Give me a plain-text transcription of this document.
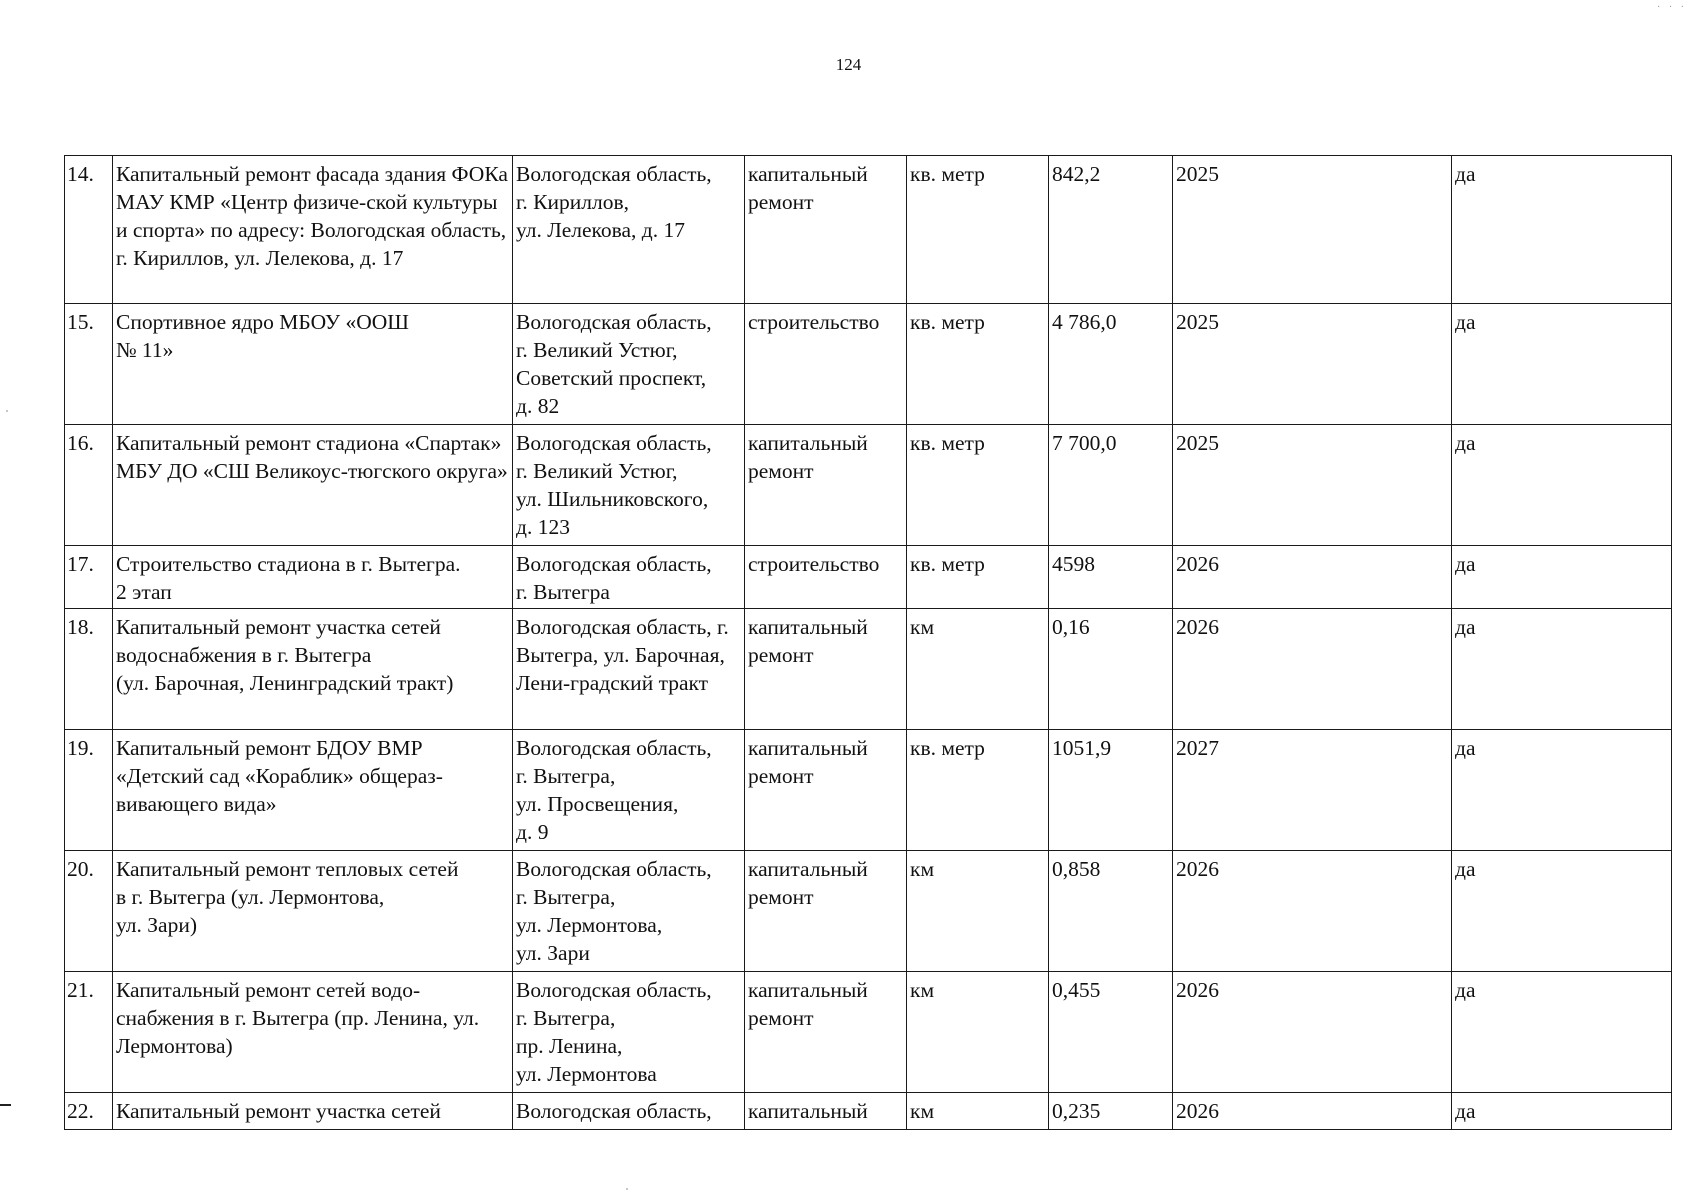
124
· · ·
14.	Капитальный ремонт фасада здания ФОКа МАУ КМР «Центр физиче-ской культуры и спорта» по адресу: Вологодская область, г. Кириллов, ул. Лелекова, д. 17	Вологодская область,
г. Кириллов,
ул. Лелекова, д. 17	капитальный ремонт	кв. метр	842,2	2025	да
15.	Спортивное ядро МБОУ «ООШ
№ 11»	Вологодская область,
г. Великий Устюг,
Советский проспект,
д. 82	строительство	кв. метр	4 786,0	2025	да
16.	Капитальный ремонт стадиона «Спартак» МБУ ДО «СШ Великоус-тюгского округа»	Вологодская область,
г. Великий Устюг,
ул. Шильниковского,
д. 123	капитальный ремонт	кв. метр	7 700,0	2025	да
17.	Строительство стадиона в г. Вытегра.
2 этап	Вологодская область,
г. Вытегра	строительство	кв. метр	4598	2026	да
18.	Капитальный ремонт участка сетей
водоснабжения в г. Вытегра
(ул. Барочная, Ленинградский тракт)	Вологодская область, г. Вытегра, ул. Барочная, Лени-градский тракт	капитальный ремонт	км	0,16	2026	да
19.	Капитальный ремонт БДОУ ВМР «Детский сад «Кораблик» общераз-вивающего вида»	Вологодская область,
г. Вытегра,
ул. Просвещения,
д. 9	капитальный ремонт	кв. метр	1051,9	2027	да
20.	Капитальный ремонт тепловых сетей
в г. Вытегра (ул. Лермонтова,
ул. Зари)	Вологодская область,
г. Вытегра,
ул. Лермонтова,
ул. Зари	капитальный ремонт	км	0,858	2026	да
21.	Капитальный ремонт сетей водо-снабжения в г. Вытегра (пр. Ленина, ул. Лермонтова)	Вологодская область,
г. Вытегра,
пр. Ленина,
ул. Лермонтова	капитальный ремонт	км	0,455	2026	да
22.	Капитальный ремонт участка сетей	Вологодская область,	капитальный	км	0,235	2026	да
